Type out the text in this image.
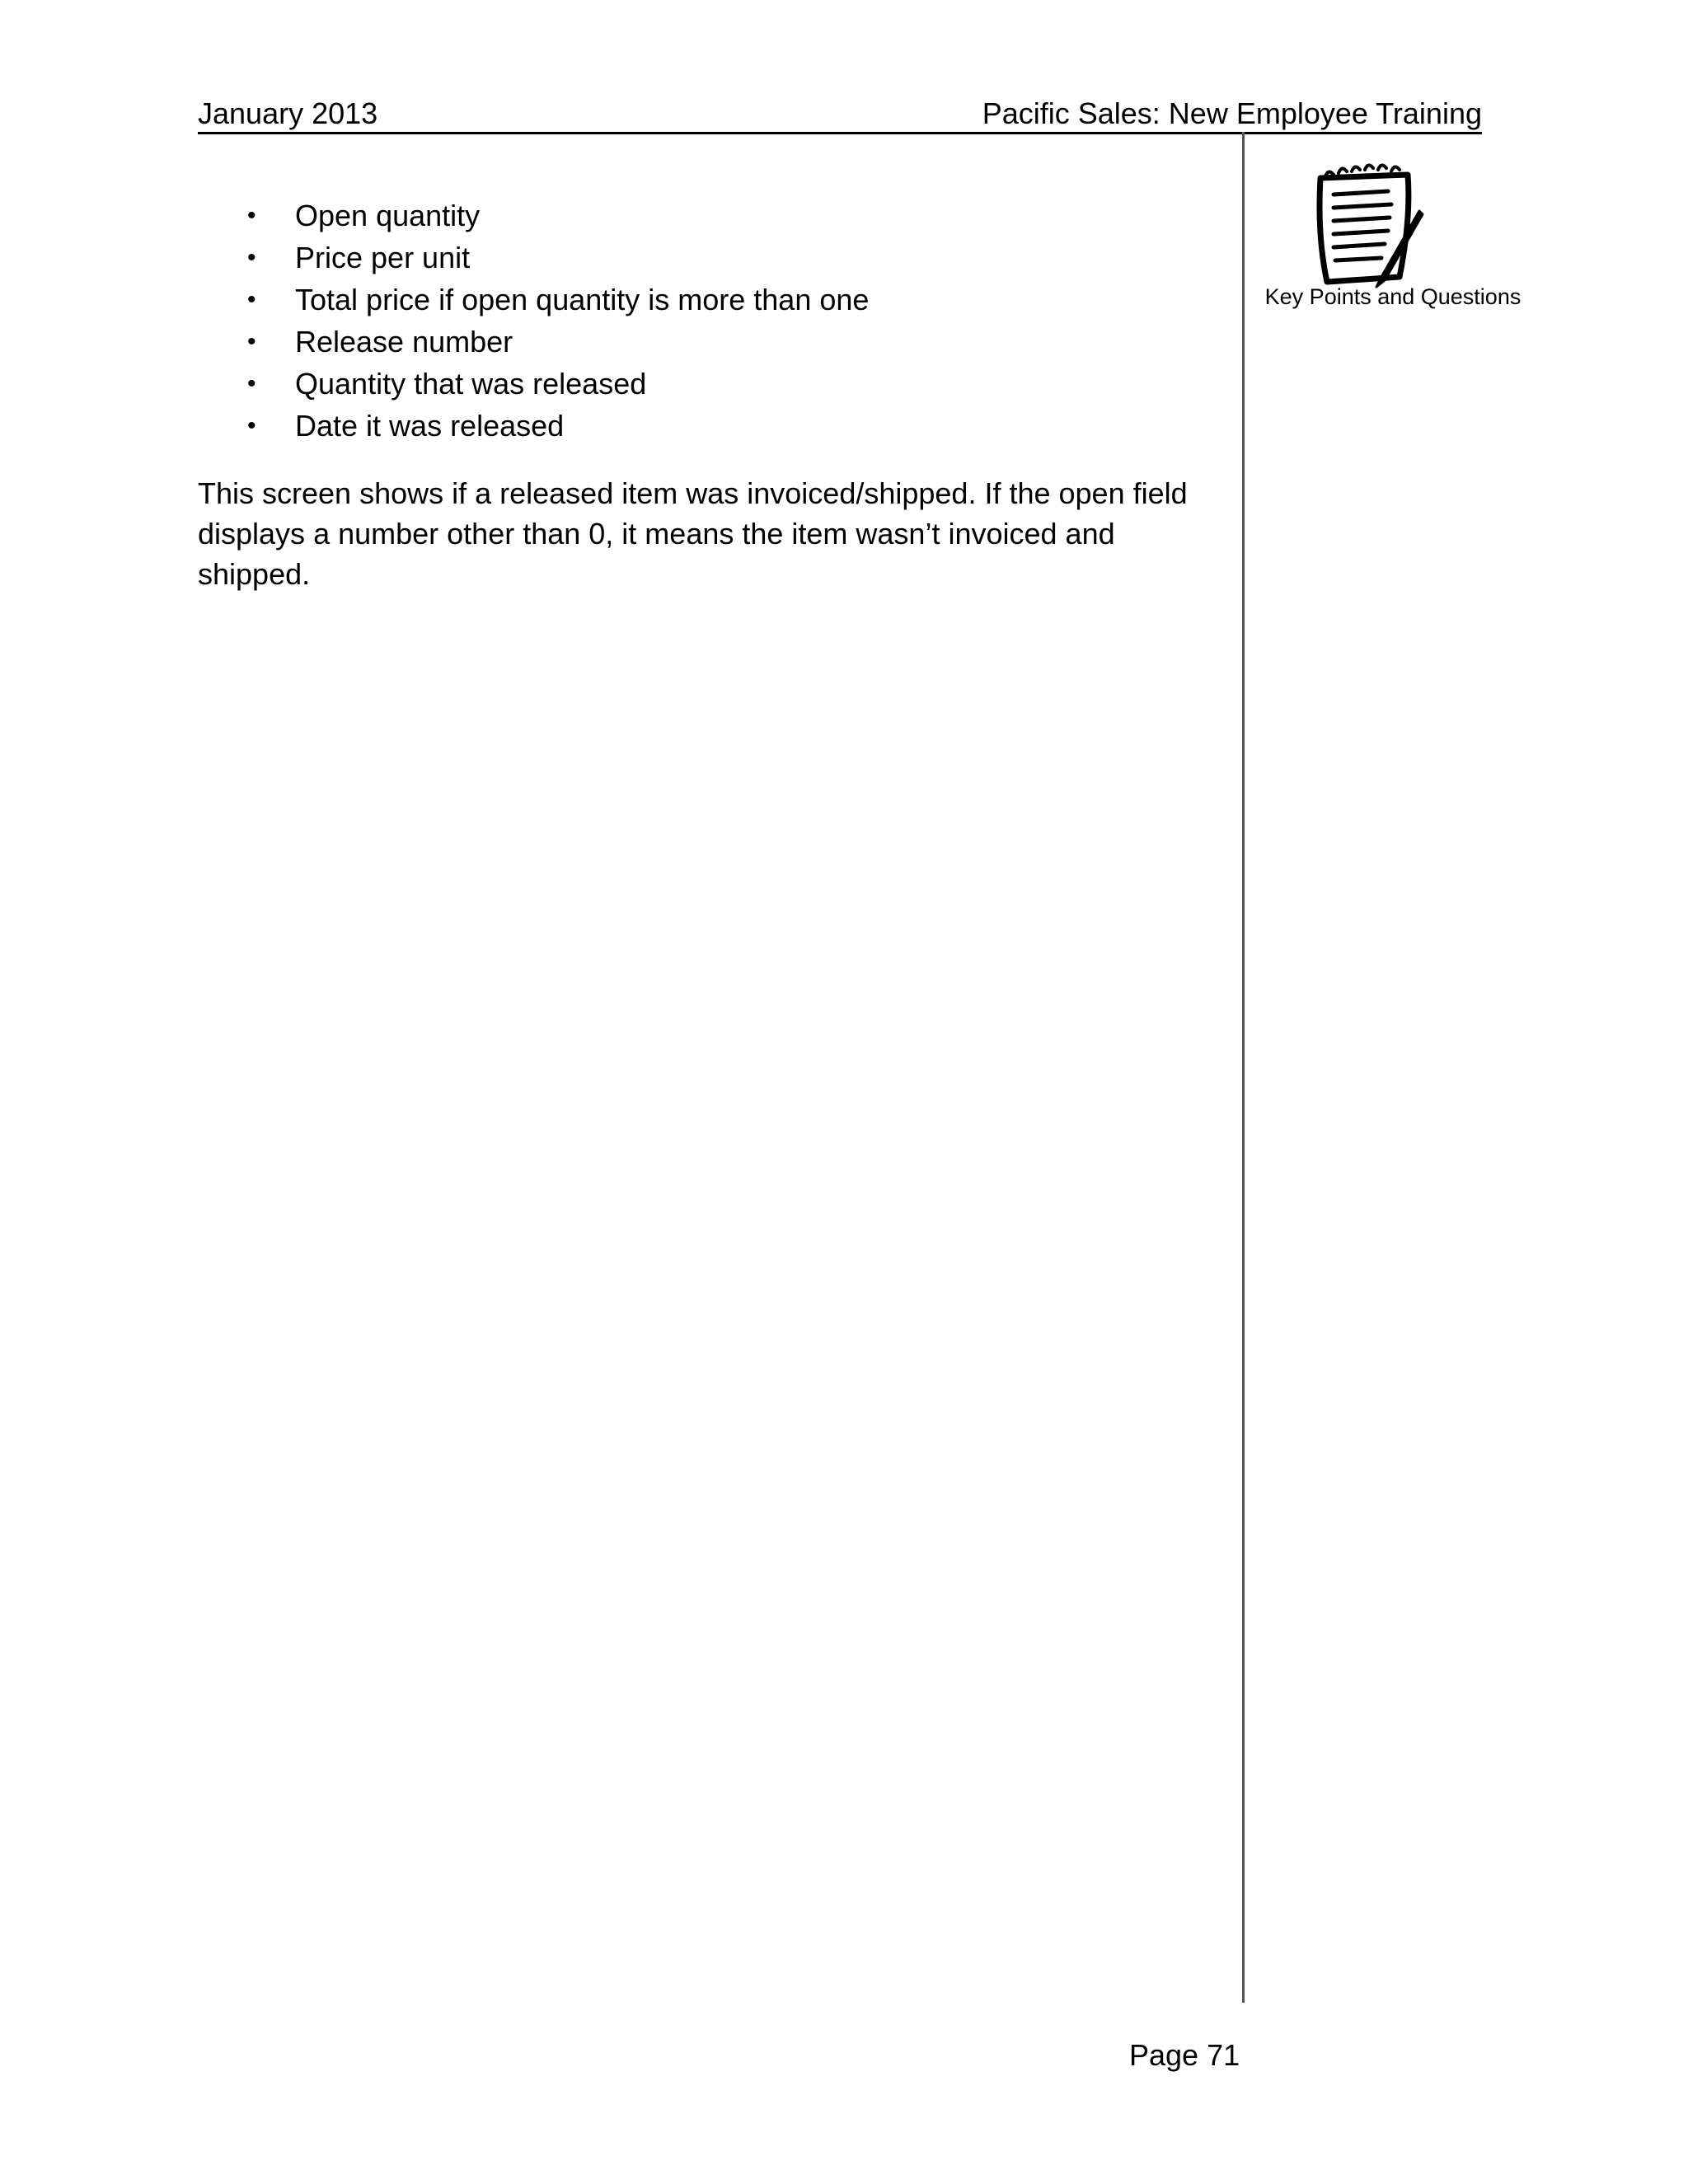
January 2013	Pacific Sales: New Employee Training
• Open quantity
• Price per unit
• Total price if open quantity is more than one
• Release number
• Quantity that was released
• Date it was released

This screen shows if a released item was invoiced/shipped. If the open field

displays a number other than 0, it means the item wasn’t invoiced and

shipped.

Key Points and Questions
Page 71
